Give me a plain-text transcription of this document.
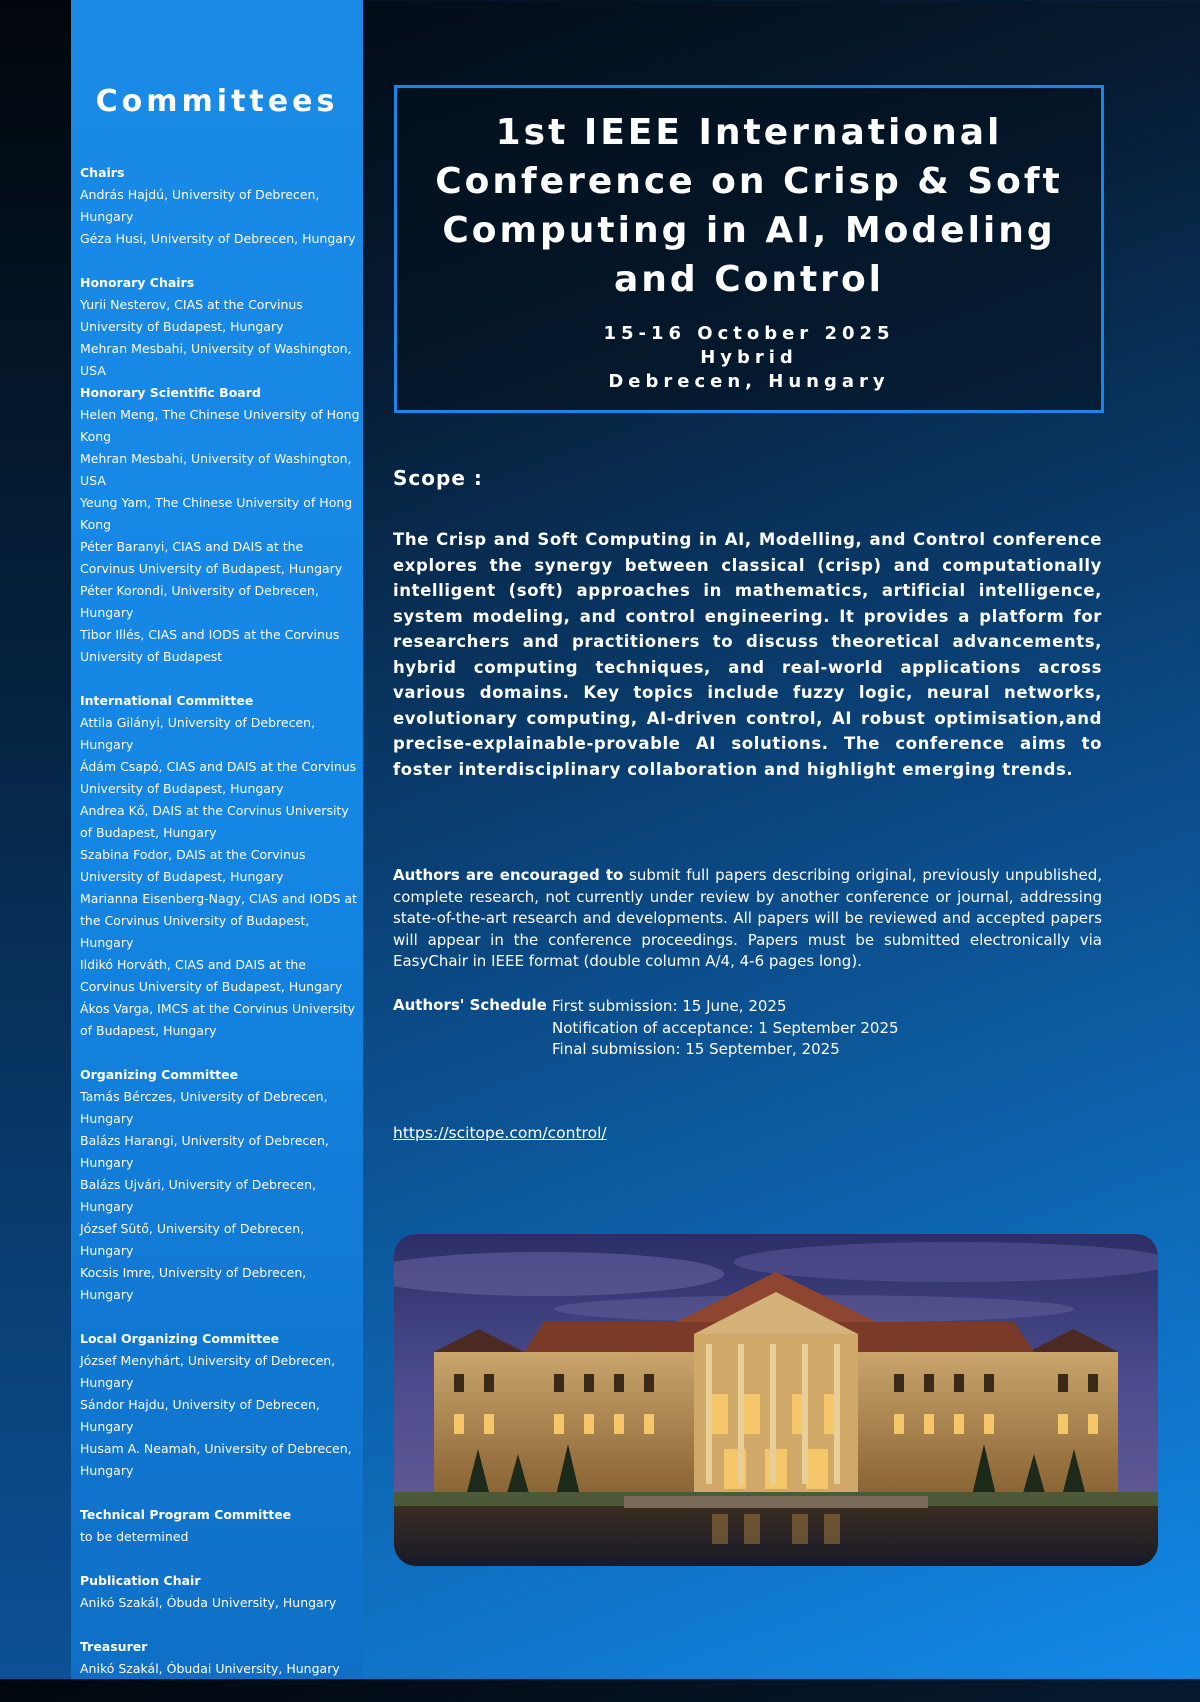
Committees
Chairs
András Hajdú, University of Debrecen, Hungary
Géza Husi, University of Debrecen, Hungary
Honorary Chairs
Yurii Nesterov, CIAS at the Corvinus University of Budapest, Hungary
Mehran Mesbahi, University of Washington, USA
Honorary Scientific Board
Helen Meng, The Chinese University of Hong Kong
Mehran Mesbahi, University of Washington, USA
Yeung Yam, The Chinese University of Hong Kong
Péter Baranyi, CIAS and DAIS at the Corvinus University of Budapest, Hungary
Péter Korondi, University of Debrecen, Hungary
Tibor Illés, CIAS and IODS at the Corvinus University of Budapest
International Committee
Attila Gilányi, University of Debrecen, Hungary
Ádám Csapó, CIAS and DAIS at the Corvinus University of Budapest, Hungary
Andrea Kő, DAIS at the Corvinus University of Budapest, Hungary
Szabina Fodor, DAIS at the Corvinus University of Budapest, Hungary
Marianna Eisenberg-Nagy, CIAS and IODS at the Corvinus University of Budapest, Hungary
Ildikó Horváth, CIAS and DAIS at the Corvinus University of Budapest, Hungary
Ákos Varga, IMCS at the Corvinus University of Budapest, Hungary
Organizing Committee
Tamás Bérczes, University of Debrecen, Hungary
Balázs Harangi, University of Debrecen, Hungary
Balázs Ujvári, University of Debrecen, Hungary
József Sütő, University of Debrecen, Hungary
Kocsis Imre, University of Debrecen, Hungary
Local Organizing Committee
József Menyhárt, University of Debrecen, Hungary
Sándor Hajdu, University of Debrecen, Hungary
Husam A. Neamah, University of Debrecen, Hungary
Technical Program Committee
to be determined
Publication Chair
Anikó Szakál, Óbuda University, Hungary
Treasurer
Anikó Szakál, Óbudai University, Hungary
1st IEEE International Conference on Crisp & Soft Computing in AI, Modeling and Control
15-16 October 2025
Hybrid
Debrecen, Hungary
Scope :
The Crisp and Soft Computing in AI, Modelling, and Control conference explores the synergy between classical (crisp) and computationally intelligent (soft) approaches in mathematics, artificial intelligence, system modeling, and control engineering. It provides a platform for researchers and practitioners to discuss theoretical advancements, hybrid computing techniques, and real-world applications across various domains. Key topics include fuzzy logic, neural networks, evolutionary computing, AI-driven control, AI robust optimisation,and precise-explainable-provable AI solutions. The conference aims to foster interdisciplinary collaboration and highlight emerging trends.
Authors are encouraged to submit full papers describing original, previously unpublished, complete research, not currently under review by another conference or journal, addressing state-of-the-art research and developments. All papers will be reviewed and accepted papers will appear in the conference proceedings. Papers must be submitted electronically via EasyChair in IEEE format (double column A/4, 4-6 pages long).
Authors' Schedule First submission: 15 June, 2025
Notification of acceptance: 1 September 2025
Final submission: 15 September, 2025
https://scitope.com/control/
